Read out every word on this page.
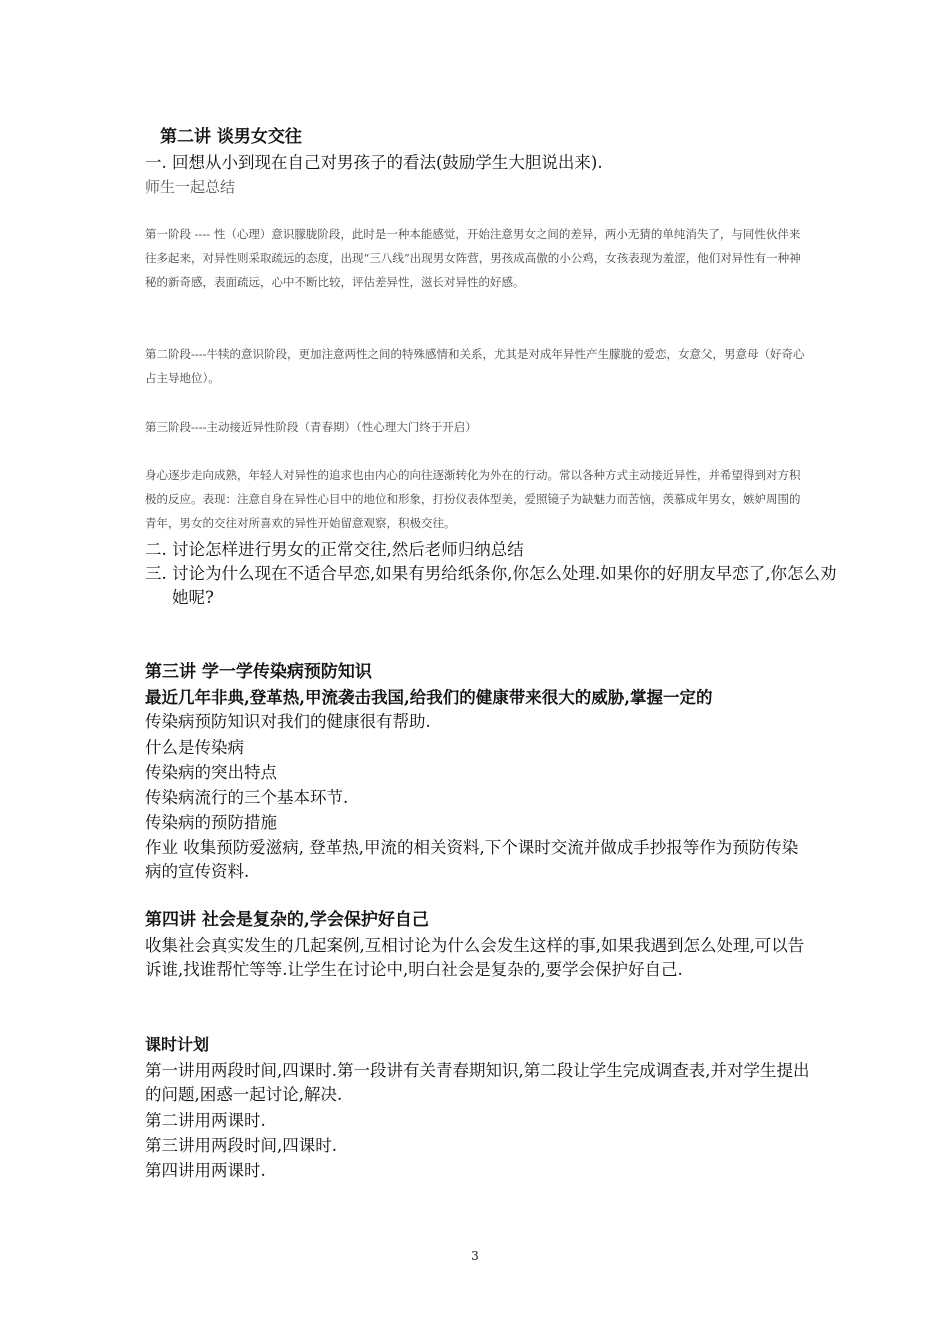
第二讲 谈男女交往

一. 回想从小到现在自己对男孩子的看法(鼓励学生大胆说出来).

师生一起总结

第一阶段 ---- 性（心理）意识朦胧阶段，此时是一种本能感觉，开始注意男女之间的差异，两小无猜的单纯消失了，与同性伙伴来往多起来，对异性则采取疏远的态度，出现“三八线”出现男女阵营，男孩成高傲的小公鸡，女孩表现为羞涩，他们对异性有一种神秘的新奇感，表面疏远，心中不断比较，评估差异性，滋长对异性的好感。

第二阶段----牛犊的意识阶段，更加注意两性之间的特殊感情和关系，尤其是对成年异性产生朦胧的爱恋，女意父，男意母（好奇心占主导地位）。

第三阶段----主动接近异性阶段（青春期）（性心理大门终于开启）

身心逐步走向成熟，年轻人对异性的追求也由内心的向往逐渐转化为外在的行动。常以各种方式主动接近异性，并希望得到对方积极的反应。表现：注意自身在异性心目中的地位和形象，打扮仪表体型美，爱照镜子为缺魅力而苦恼，羡慕成年男女，嫉妒周围的青年，男女的交往对所喜欢的异性开始留意观察，积极交往。

二. 讨论怎样进行男女的正常交往,然后老师归纳总结

三. 讨论为什么现在不适合早恋,如果有男给纸条你,你怎么处理.如果你的好朋友早恋了,你怎么劝她呢?

第三讲 学一学传染病预防知识

最近几年非典,登革热,甲流袭击我国,给我们的健康带来很大的威胁,掌握一定的

传染病预防知识对我们的健康很有帮助.

什么是传染病

传染病的突出特点

传染病流行的三个基本环节.

传染病的预防措施

作业 收集预防爱滋病, 登革热,甲流的相关资料,下个课时交流并做成手抄报等作为预防传染病的宣传资料.

第四讲 社会是复杂的,学会保护好自己

收集社会真实发生的几起案例,互相讨论为什么会发生这样的事,如果我遇到怎么处理,可以告诉谁,找谁帮忙等等.让学生在讨论中,明白社会是复杂的,要学会保护好自己.

课时计划

第一讲用两段时间,四课时.第一段讲有关青春期知识,第二段让学生完成调查表,并对学生提出的问题,困惑一起讨论,解决.

第二讲用两课时.

第三讲用两段时间,四课时.

第四讲用两课时.

3
